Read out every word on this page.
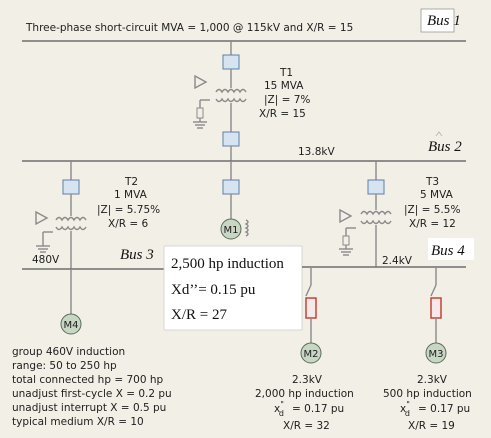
Three-phase short-circuit MVA = 1,000 @ 115kV and X/R = 15	Bus 1
T1
15 MVA
|Z| = 7%
X/R = 15
13.8kV	Bus 2
T2
1 MVA
|Z| = 5.75%
X/R = 6
M1
480V	Bus 3
M4
group 460V induction
range: 50 to 250 hp
total connected hp = 700 hp
unadjust first-cycle X = 0.2 pu
unadjust interrupt X = 0.5 pu
typical medium X/R = 10
2,500 hp induction
Xd’’= 0.15 pu
X/R = 27
T3
5 MVA
|Z| = 5.5%
X/R = 12
2.4kV
Bus 4
M2
2.3kV
2,000 hp induction
x" d = 0.17 pu
X/R = 32
M3
2.3kV
500 hp induction
x" d = 0.17 pu
X/R = 19
